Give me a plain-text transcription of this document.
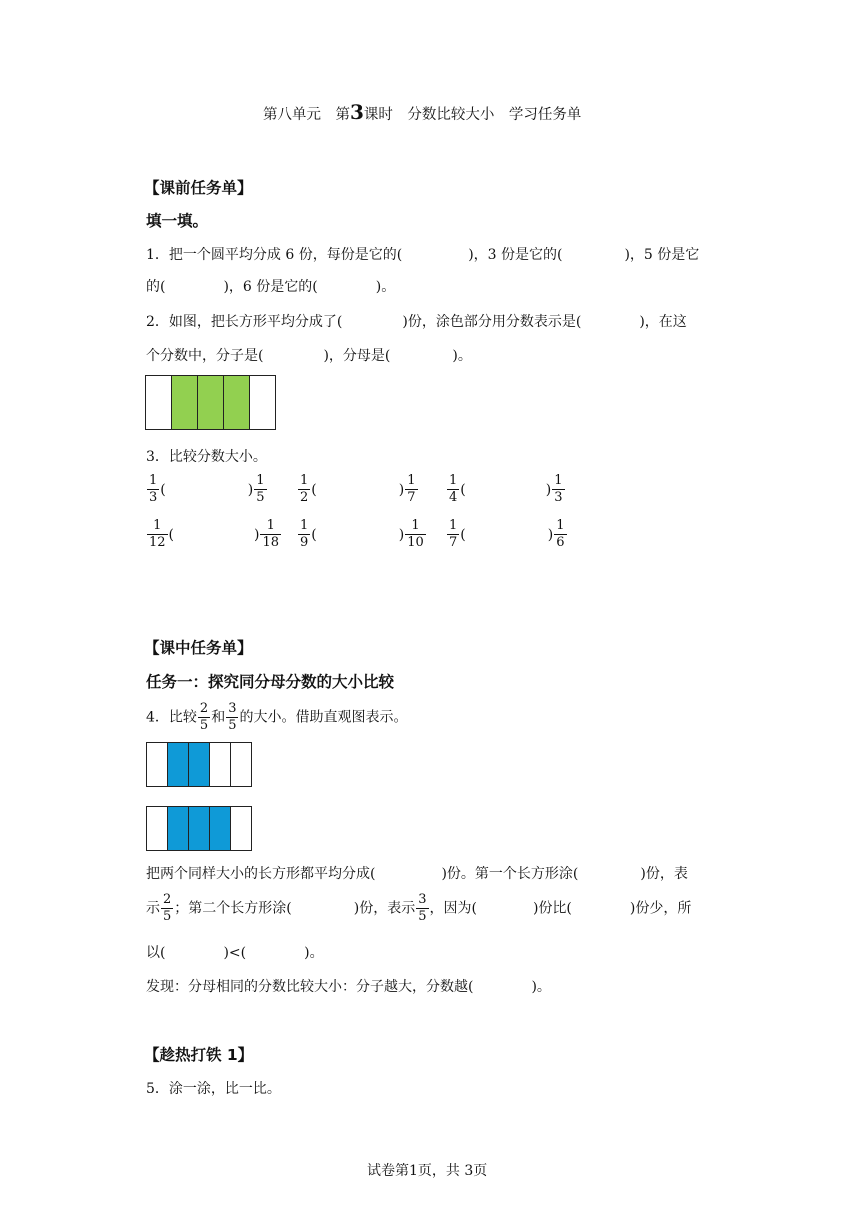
第八单元　第3课时　分数比较大小　学习任务单
【课前任务单】
填一填。
1．把一个圆平均分成 6 份，每份是它的(	)，3 份是它的(	)，5 份是它
的(	)，6 份是它的(	)。
2．如图，把长方形平均分成了(	)份，涂色部分用分数表示是(	)，在这
个分数中，分子是(	)，分母是(	)。
3．比较分数大小。
$\frac{1}{3}$ (	) $\frac{1}{5} \frac{1}{2}$ (	) $\frac{1}{7} \frac{1}{4}$ (	) $\frac{1}{3}$
$\frac{1}{12}$ (	) $\frac{1}{18} \frac{1}{9}$ (	) $\frac{1}{10} \frac{1}{7}$ (	) $\frac{1}{6}$
【课中任务单】
任务一：探究同分母分数的大小比较
4．比较 $\frac{2}{5}$ 和 $\frac{3}{5}$ 的大小。借助直观图表示。
把两个同样大小的长方形都平均分成(	)份。第一个长方形涂(	)份，表
示 $\frac{2}{5}$ ；第二个长方形涂(	)份，表示 $\frac{3}{5}$ ，因为(	)份比(	)份少，所
以(	)<(	)。
发现：分母相同的分数比较大小：分子越大，分数越(	)。
【趁热打铁 1】
5．涂一涂，比一比。
试卷第1页，共 3页
